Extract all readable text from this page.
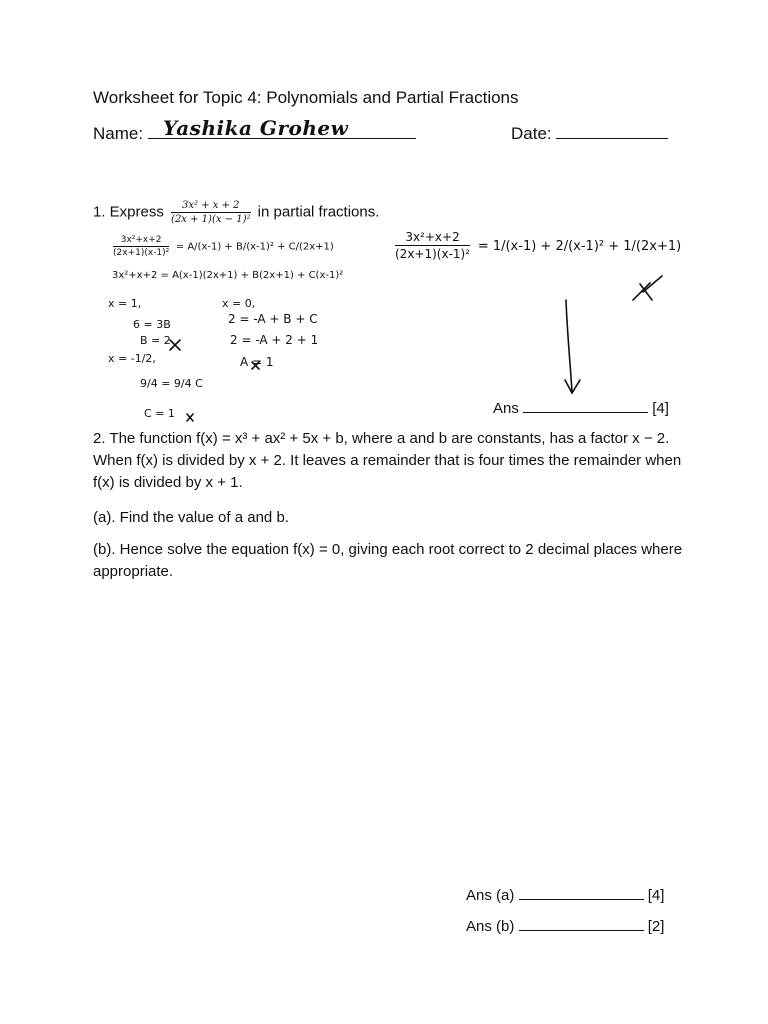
Worksheet for Topic 4: Polynomials and Partial Fractions
Name: Yashika Grohew	Date:
1. Express $\frac{\text{3x² + x + 2}}{\text{(2x + 1)(x − 1)²}}$ in partial fractions.
$\frac{\text{3x²+x+2}}{\text{(2x+1)(x-1)²}} = A/(x-1) + B/(x-1)^2 + C/(2x+1)$
3x²+x+2 = A(x-1)(2x+1) + B(2x+1) + C(x-1)²
x = 1,
6 = 3B
B = 2
x = -1/2,
9/4 = 9/4 C
C = 1
x = 0,
2 = -A + B + C
2 = -A + 2 + 1
A = 1
$\frac{\text{3x²+x+2}}{\text{(2x+1)(x-1)²}} = 1/(x-1) + 2/(x-1)^2 + 1/(2x+1)$
Ans	[4]
2. The function f(x) = x³ + ax² + 5x + b, where a and b are constants, has a factor x − 2. When f(x) is divided by x + 2. It leaves a remainder that is four times the remainder when f(x) is divided by x + 1.
(a). Find the value of a and b.
(b). Hence solve the equation f(x) = 0, giving each root correct to 2 decimal places where appropriate.
Ans (a)	[4]
Ans (b)	[2]
